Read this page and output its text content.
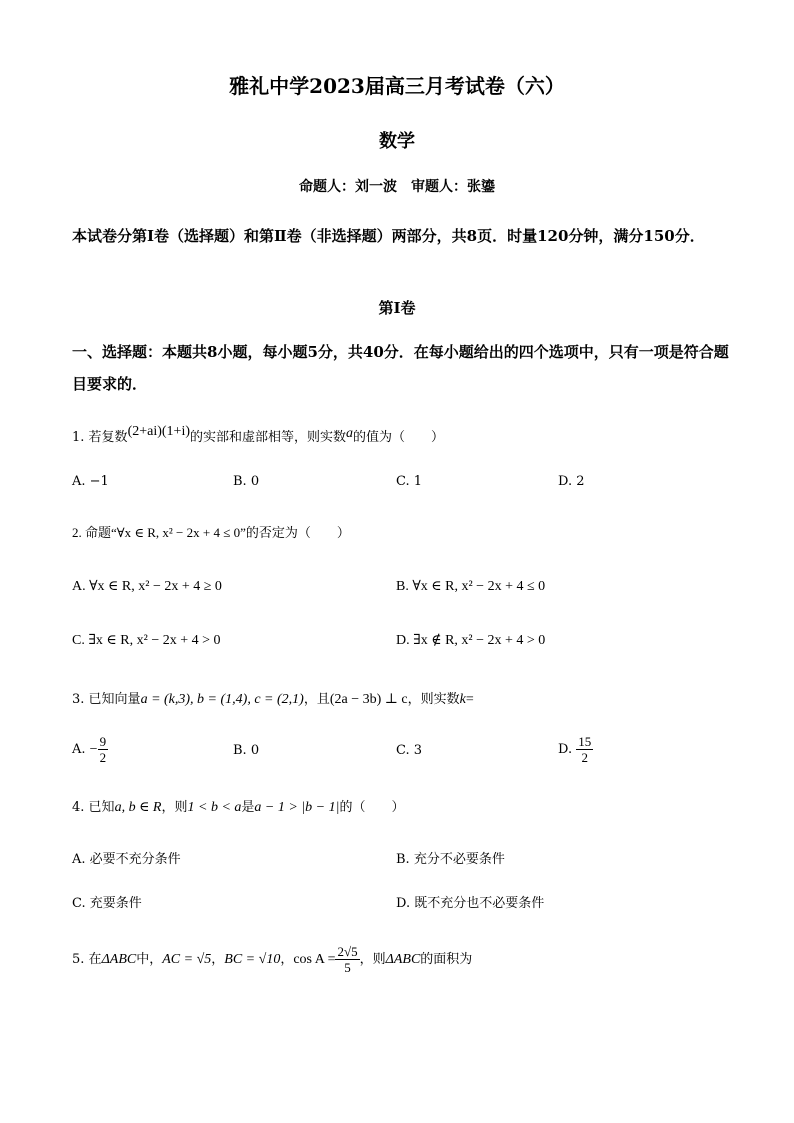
雅礼中学2023届高三月考试卷（六）
数学
命题人：刘一波　审题人：张鎏
本试卷分第Ⅰ卷（选择题）和第Ⅱ卷（非选择题）两部分，共8页．时量120分钟，满分150分．
第Ⅰ卷
一、选择题：本题共8小题，每小题5分，共40分．在每小题给出的四个选项中，只有一项是符合题目要求的．
1. 若复数(2+ai)(1+i)的实部和虚部相等，则实数a的值为（　　）
A. −1	B. 0	C. 1	D. 2
2. 命题“∀x ∈ R, x² − 2x + 4 ≤ 0”的否定为（　　）
A. ∀x ∈ R, x² − 2x + 4 ≥ 0	B. ∀x ∈ R, x² − 2x + 4 ≤ 0
C. ∃x ∈ R, x² − 2x + 4 > 0	D. ∃x ∉ R, x² − 2x + 4 > 0
3. 已知向量a = (k,3), b = (1,4), c = (2,1)，且(2a − 3b) ⊥ c，则实数k=
A. − $\frac{9}{2}$	B. 0	C. 3	D. $\frac{15}{2}$
4. 已知a, b ∈ R，则1 < b < a是a − 1 > |b − 1|的（　　）
A. 必要不充分条件	B. 充分不必要条件
C. 充要条件	D. 既不充分也不必要条件
5. 在ΔABC中，AC = √5，BC = √10，$\cos A = \frac{2√5}{5}$ ，则ΔABC的面积为
